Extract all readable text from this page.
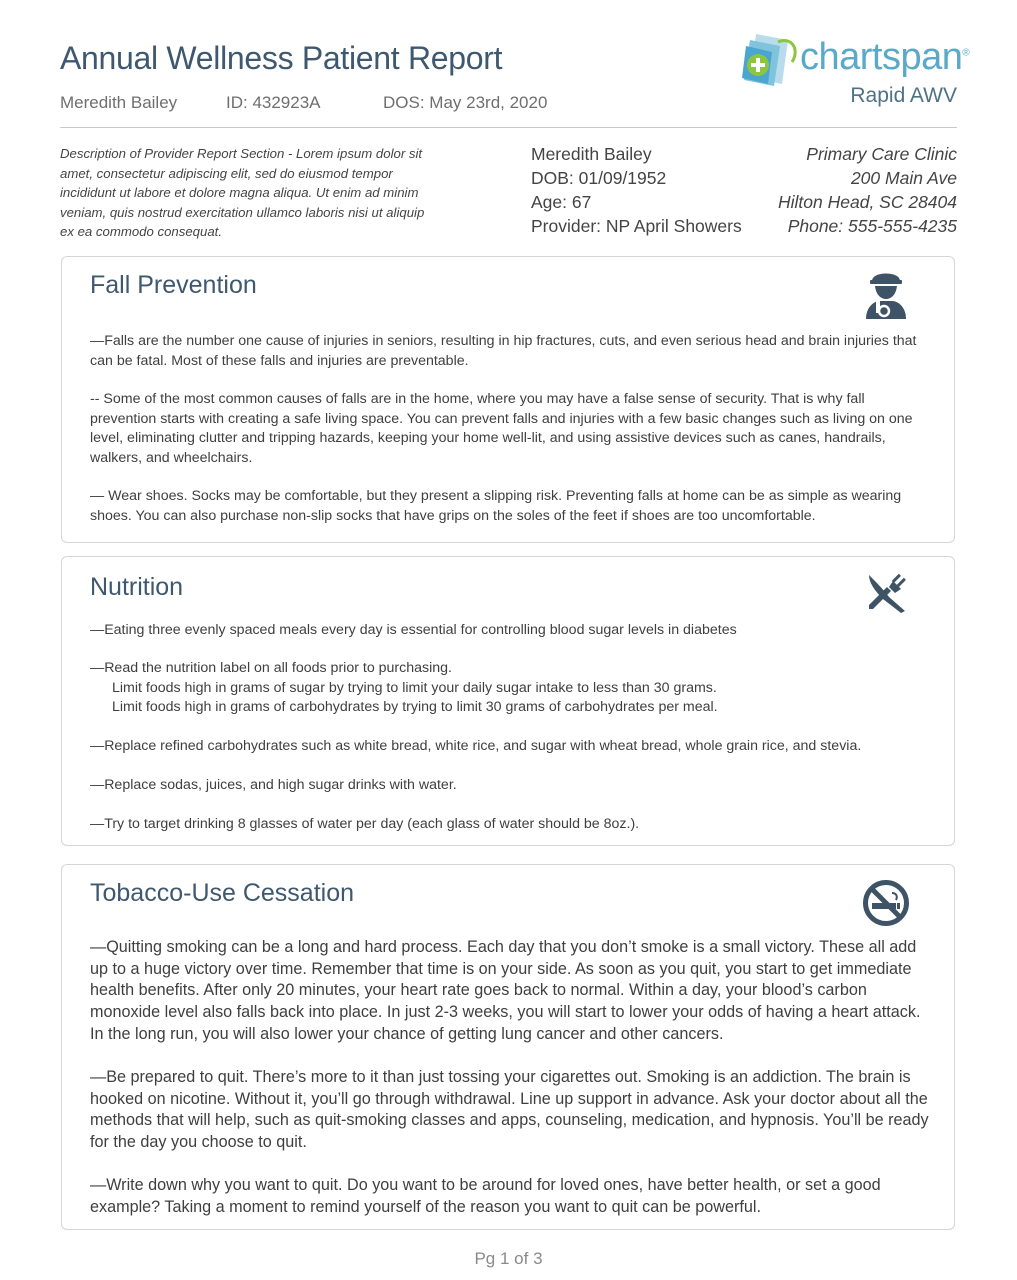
Annual Wellness Patient Report
Meredith Bailey	ID: 432923A	DOS: May 23rd, 2020
chartspan®
Rapid AWV
Description of Provider Report Section - Lorem ipsum dolor sit amet, consectetur adipiscing elit, sed do eiusmod tempor incididunt ut labore et dolore magna aliqua. Ut enim ad minim veniam, quis nostrud exercitation ullamco laboris nisi ut aliquip ex ea commodo consequat.
Meredith Bailey
DOB: 01/09/1952
Age: 67
Provider: NP April Showers
Primary Care Clinic
200 Main Ave
Hilton Head, SC 28404
Phone: 555-555-4235
Fall Prevention
—Falls are the number one cause of injuries in seniors, resulting in hip fractures, cuts, and even serious head and brain injuries that can be fatal. Most of these falls and injuries are preventable.
-- Some of the most common causes of falls are in the home, where you may have a false sense of security. That is why fall prevention starts with creating a safe living space. You can prevent falls and injuries with a few basic changes such as living on one level, eliminating clutter and tripping hazards, keeping your home well-lit, and using assistive devices such as canes, handrails, walkers, and wheelchairs.
— Wear shoes. Socks may be comfortable, but they present a slipping risk. Preventing falls at home can be as simple as wearing shoes. You can also purchase non-slip socks that have grips on the soles of the feet if shoes are too uncomfortable.
Nutrition
—Eating three evenly spaced meals every day is essential for controlling blood sugar levels in diabetes
—Read the nutrition label on all foods prior to purchasing.
Limit foods high in grams of sugar by trying to limit your daily sugar intake to less than 30 grams.
Limit foods high in grams of carbohydrates by trying to limit 30 grams of carbohydrates per meal.
—Replace refined carbohydrates such as white bread, white rice, and sugar with wheat bread, whole grain rice, and stevia.
—Replace sodas, juices, and high sugar drinks with water.
—Try to target drinking 8 glasses of water per day (each glass of water should be 8oz.).
Tobacco-Use Cessation
—Quitting smoking can be a long and hard process. Each day that you don’t smoke is a small victory. These all add up to a huge victory over time. Remember that time is on your side. As soon as you quit, you start to get immediate health benefits. After only 20 minutes, your heart rate goes back to normal. Within a day, your blood’s carbon monoxide level also falls back into place. In just 2-3 weeks, you will start to lower your odds of having a heart attack. In the long run, you will also lower your chance of getting lung cancer and other cancers.
—Be prepared to quit. There’s more to it than just tossing your cigarettes out. Smoking is an addiction. The brain is hooked on nicotine. Without it, you’ll go through withdrawal. Line up support in advance. Ask your doctor about all the methods that will help, such as quit-smoking classes and apps, counseling, medication, and hypnosis. You’ll be ready for the day you choose to quit.
—Write down why you want to quit. Do you want to be around for loved ones, have better health, or set a good example? Taking a moment to remind yourself of the reason you want to quit can be powerful.
Pg 1 of 3
